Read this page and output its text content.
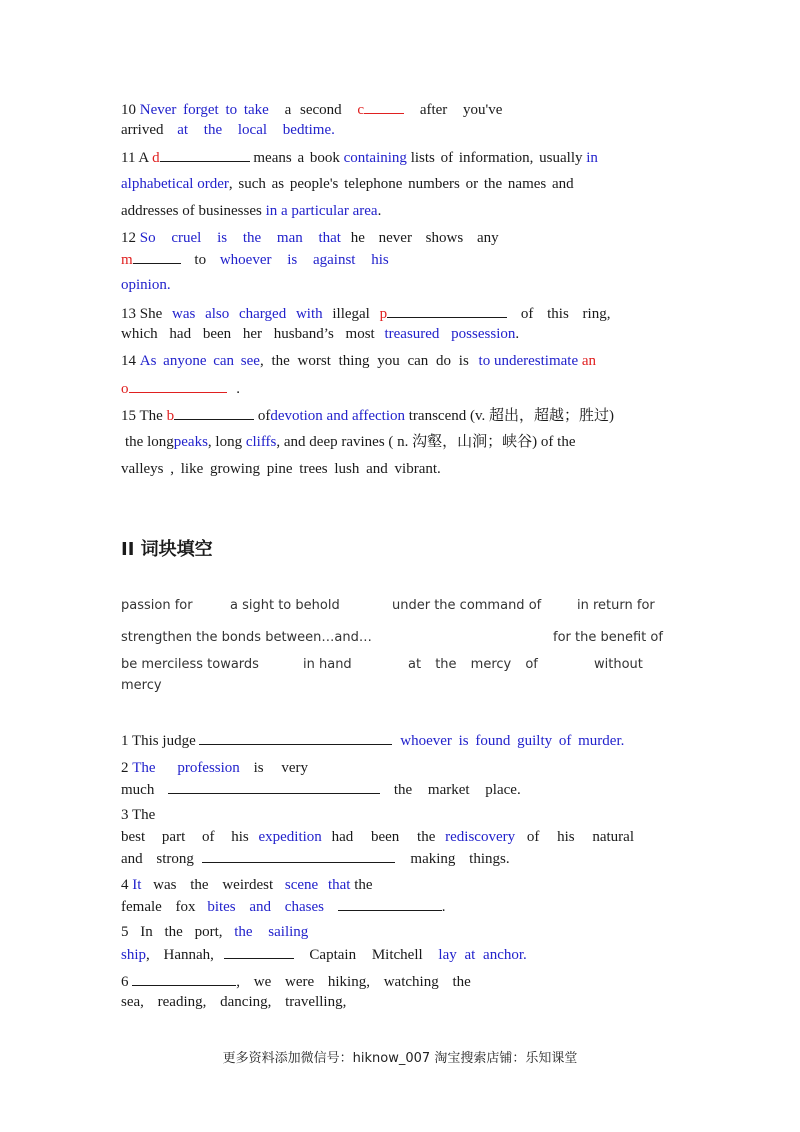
10 Never forget to take a second c	after you've
arrived at the local bedtime.
11 A d	means a book containing lists of information, usually in
alphabetical order, such as people's telephone numbers or the names and
addresses of businesses in a particular area.
12 So cruel is the man that he never shows any
m	to whoever is against his
opinion.
13 She was also charged with illegal p	of this ring,
which had been her husband’s most treasured possession.
14 As anyone can see, the worst thing you can do is to underestimate an
o	.
15 The b	ofdevotion and affection transcend (v. 超出，超越；胜过)
the longpeaks, long cliffs, and deep ravines ( n. 沟壑，山涧；峡谷) of the
valleys , like growing pine trees lush and vibrant.
II 词块填空
passion for	a sight to behold	under the command of	in return for
strengthen the bonds between…and…	for the benefit of
be merciless towards	in hand	at the mercy of	without
mercy
1 This judge	whoever is found guilty of murder.
2 The profession is very
much	the market place.
3 The
best part of his expedition had been the rediscovery of his natural
and strong	making things.
4 It was the weirdest scene that the
female fox bites and chases	.
5 In the port, the sailing
ship, Hannah,	Captain Mitchell lay at anchor.
6	, we were hiking, watching the
sea, reading, dancing, travelling,
更多资料添加微信号：hiknow_007 淘宝搜索店铺：乐知课堂
